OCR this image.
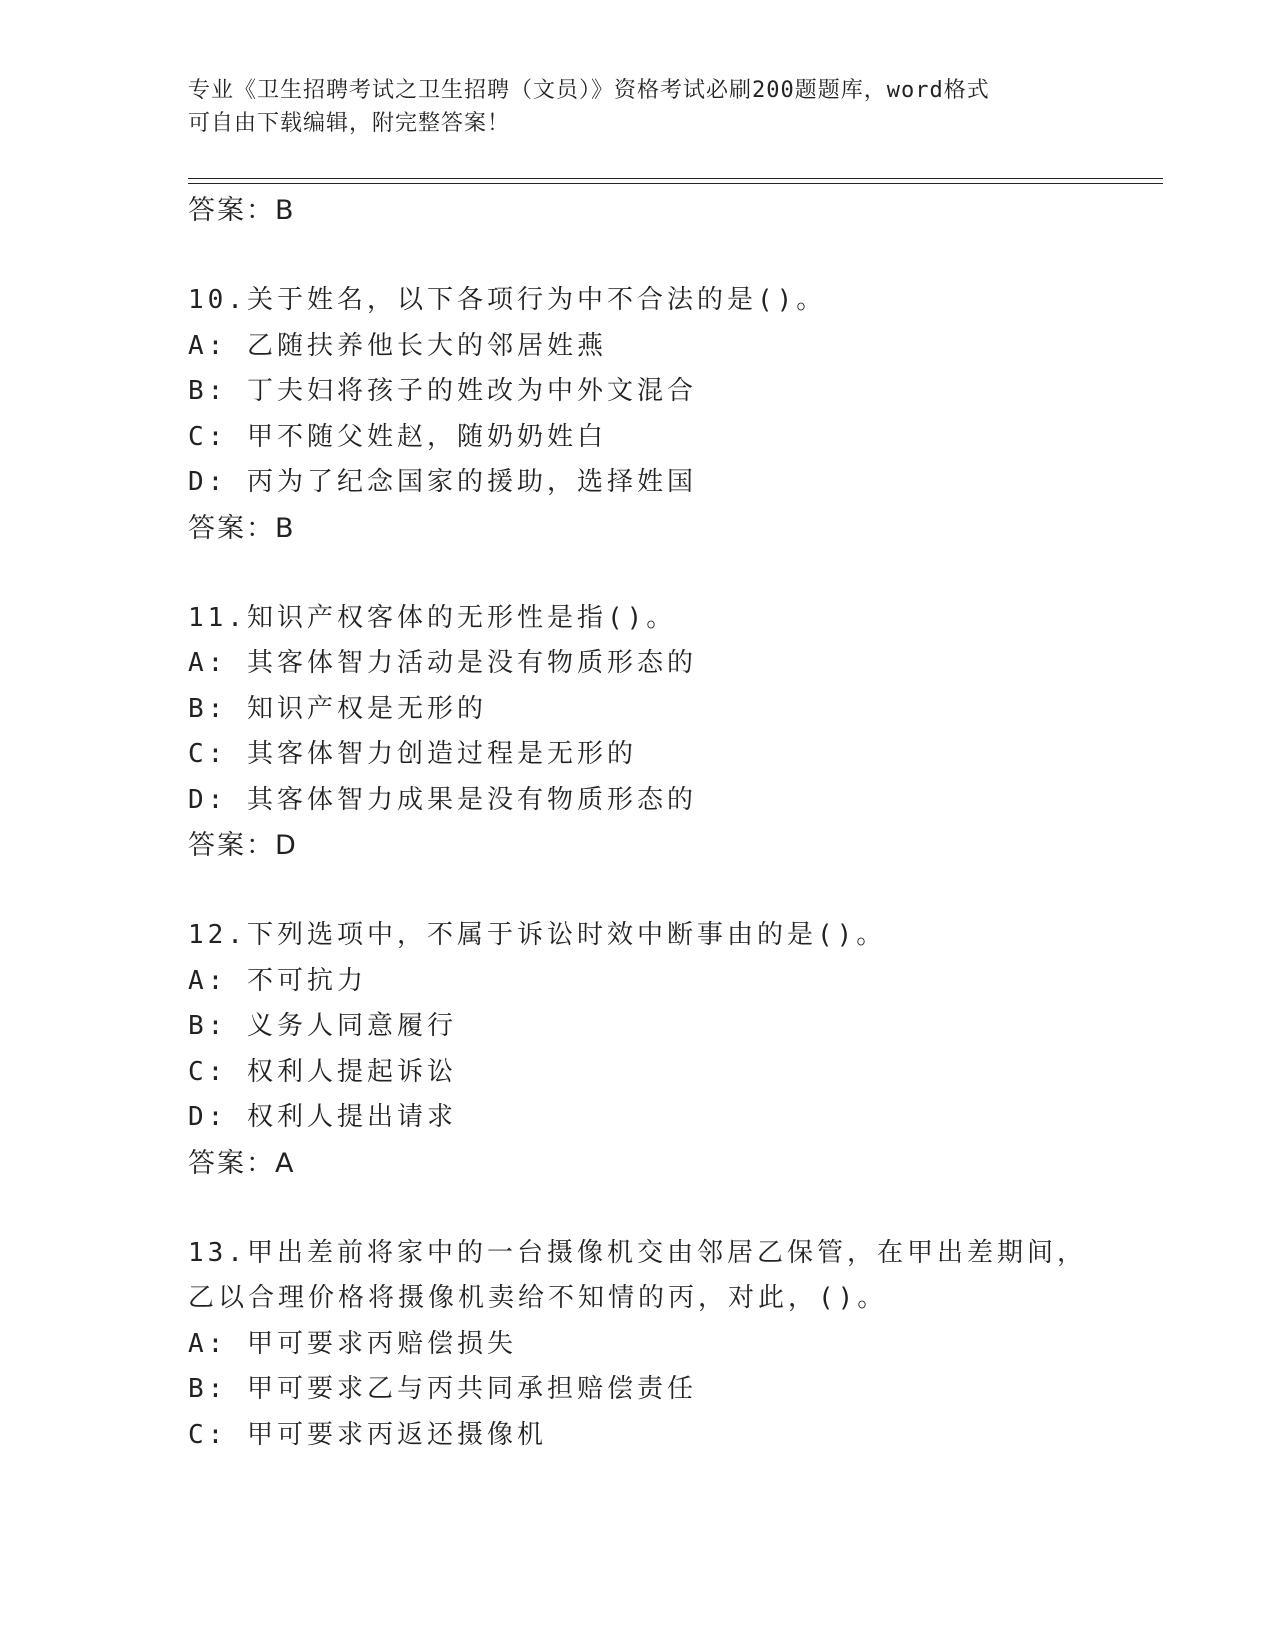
专业《卫生招聘考试之卫生招聘（文员）》资格考试必刷200题题库，word格式
可自由下载编辑，附完整答案！
答案：B
10.关于姓名，以下各项行为中不合法的是()。
A: 乙随扶养他长大的邻居姓燕
B: 丁夫妇将孩子的姓改为中外文混合
C: 甲不随父姓赵，随奶奶姓白
D: 丙为了纪念国家的援助，选择姓国
答案：B
11.知识产权客体的无形性是指()。
A: 其客体智力活动是没有物质形态的
B: 知识产权是无形的
C: 其客体智力创造过程是无形的
D: 其客体智力成果是没有物质形态的
答案：D
12.下列选项中，不属于诉讼时效中断事由的是()。
A: 不可抗力
B: 义务人同意履行
C: 权利人提起诉讼
D: 权利人提出请求
答案：A
13.甲出差前将家中的一台摄像机交由邻居乙保管，在甲出差期间，乙以合理价格将摄像机卖给不知情的丙，对此，()。
A: 甲可要求丙赔偿损失
B: 甲可要求乙与丙共同承担赔偿责任
C: 甲可要求丙返还摄像机
